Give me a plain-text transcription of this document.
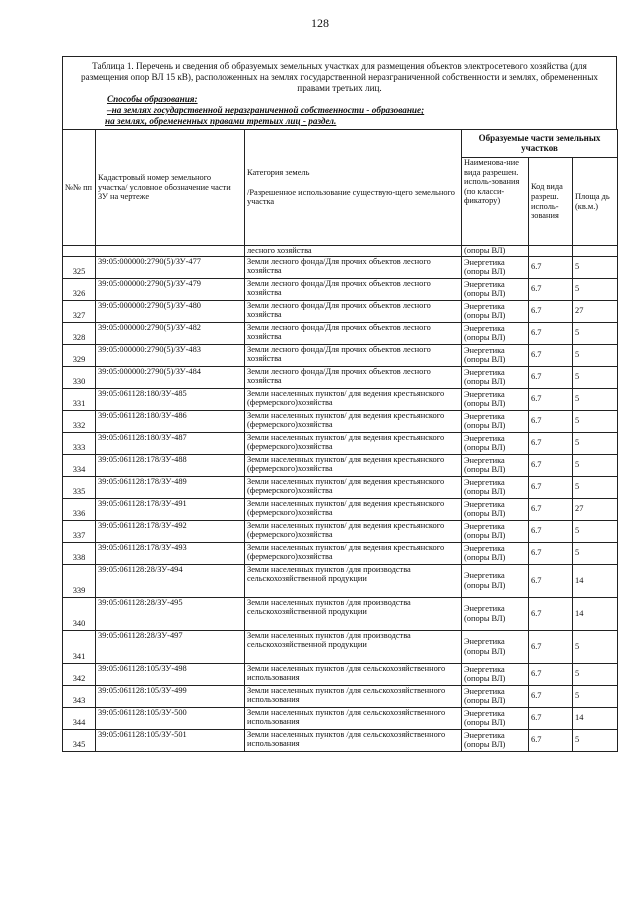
128
Таблица 1. Перечень и сведения об образуемых земельных участках для размещения объектов электросетевого хозяйства (для размещения опор ВЛ 15 кВ), расположенных на землях государственной неразграниченной собственности и землях, обремененных правами третьих лиц.
Способы образования:
–на землях государственной неразграниченной собственности - образование;
на землях, обремененных правами третьих лиц - раздел.
№№ пп	Кадастровый номер земельного участка/ условное обозначение части ЗУ на чертеже	Категория земель

/Разрешенное использование существую-щего земельного участка	Образуемые части земельных участков		
			Наименова-ние вида разрешен. исполь-зования (по класси-фикатору)	Код вида разреш. исполь-зования	Площа дь (кв.м.)
		лесного хозяйства	(опоры ВЛ)		
325	39:05:000000:2790(5)/ЗУ-477	Земли лесного фонда/Для прочих объектов лесного хозяйства	Энергетика (опоры ВЛ)	6.7	5
326	39:05:000000:2790(5)/ЗУ-479	Земли лесного фонда/Для прочих объектов лесного хозяйства	Энергетика (опоры ВЛ)	6.7	5
327	39:05:000000:2790(5)/ЗУ-480	Земли лесного фонда/Для прочих объектов лесного хозяйства	Энергетика (опоры ВЛ)	6.7	27
328	39:05:000000:2790(5)/ЗУ-482	Земли лесного фонда/Для прочих объектов лесного хозяйства	Энергетика (опоры ВЛ)	6.7	5
329	39:05:000000:2790(5)/ЗУ-483	Земли лесного фонда/Для прочих объектов лесного хозяйства	Энергетика (опоры ВЛ)	6.7	5
330	39:05:000000:2790(5)/ЗУ-484	Земли лесного фонда/Для прочих объектов лесного хозяйства	Энергетика (опоры ВЛ)	6.7	5
331	39:05:061128:180/ЗУ-485	Земли населенных пунктов/ для ведения крестьянского (фермерского)хозяйства	Энергетика (опоры ВЛ)	6.7	5
332	39:05:061128:180/ЗУ-486	Земли населенных пунктов/ для ведения крестьянского (фермерского)хозяйства	Энергетика (опоры ВЛ)	6.7	5
333	39:05:061128:180/ЗУ-487	Земли населенных пунктов/ для ведения крестьянского (фермерского)хозяйства	Энергетика (опоры ВЛ)	6.7	5
334	39:05:061128:178/ЗУ-488	Земли населенных пунктов/ для ведения крестьянского (фермерского)хозяйства	Энергетика (опоры ВЛ)	6.7	5
335	39:05:061128:178/ЗУ-489	Земли населенных пунктов/ для ведения крестьянского (фермерского)хозяйства	Энергетика (опоры ВЛ)	6.7	5
336	39:05:061128:178/ЗУ-491	Земли населенных пунктов/ для ведения крестьянского (фермерского)хозяйства	Энергетика (опоры ВЛ)	6.7	27
337	39:05:061128:178/ЗУ-492	Земли населенных пунктов/ для ведения крестьянского (фермерского)хозяйства	Энергетика (опоры ВЛ)	6.7	5
338	39:05:061128:178/ЗУ-493	Земли населенных пунктов/ для ведения крестьянского (фермерского)хозяйства	Энергетика (опоры ВЛ)	6.7	5
339	39:05:061128:28/ЗУ-494	Земли населенных пунктов /для производства сельскохозяйственной продукции	Энергетика (опоры ВЛ)	6.7	14
340	39:05:061128:28/ЗУ-495	Земли населенных пунктов /для производства сельскохозяйственной продукции	Энергетика (опоры ВЛ)	6.7	14
341	39:05:061128:28/ЗУ-497	Земли населенных пунктов /для производства сельскохозяйственной продукции	Энергетика (опоры ВЛ)	6.7	5
342	39:05:061128:105/ЗУ-498	Земли населенных пунктов /для сельскохозяйственного использования	Энергетика (опоры ВЛ)	6.7	5
343	39:05:061128:105/ЗУ-499	Земли населенных пунктов /для сельскохозяйственного использования	Энергетика (опоры ВЛ)	6.7	5
344	39:05:061128:105/ЗУ-500	Земли населенных пунктов /для сельскохозяйственного использования	Энергетика (опоры ВЛ)	6.7	14
345	39:05:061128:105/ЗУ-501	Земли населенных пунктов /для сельскохозяйственного использования	Энергетика (опоры ВЛ)	6.7	5
